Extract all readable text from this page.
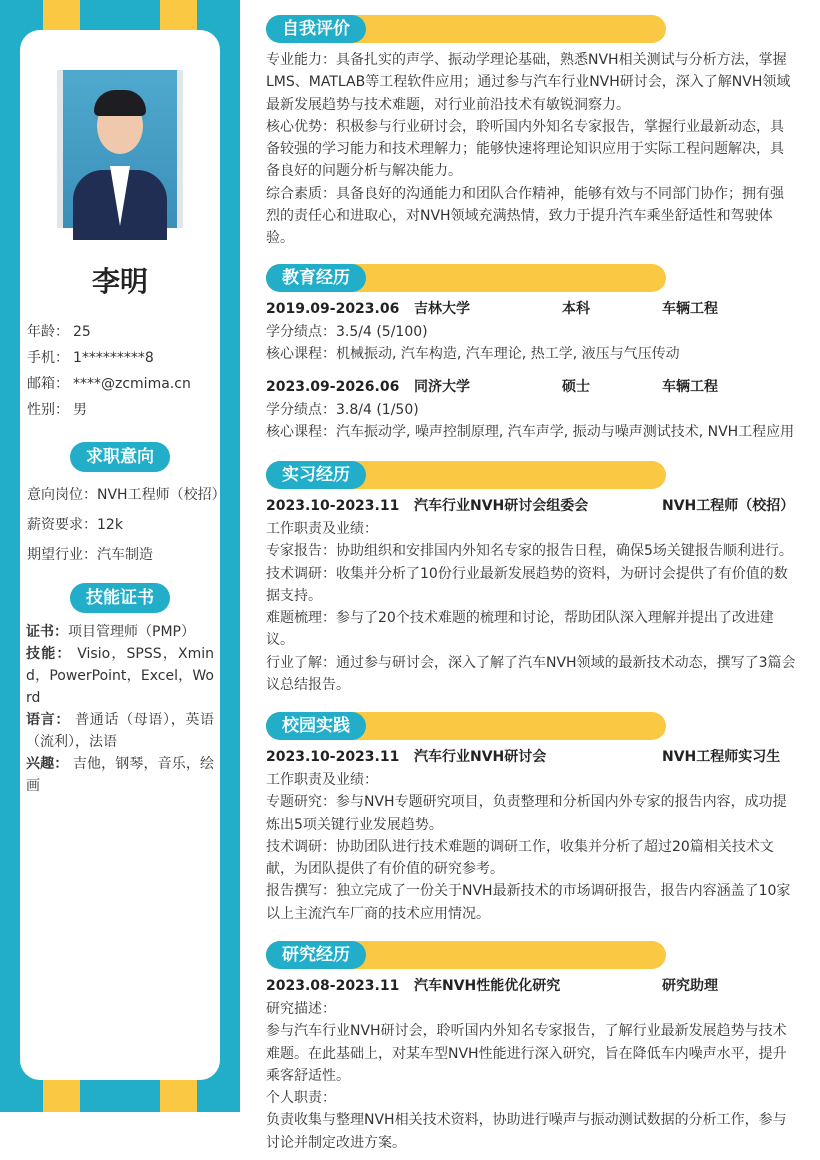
李明
年龄： 25
手机： 1*********8
邮箱： ****@zcmima.cn
性别： 男
求职意向
意向岗位：NVH工程师（校招）
薪资要求：12k
期望行业：汽车制造
技能证书

证书：项目管理师（PMP）

技能： Visio，SPSS，Xmind，PowerPoint，Excel，Word

语言： 普通话（母语），英语（流利），法语

兴趣： 吉他，钢琴，音乐，绘画

自我评价

专业能力：具备扎实的声学、振动学理论基础，熟悉NVH相关测试与分析方法，掌握LMS、MATLAB等工程软件应用；通过参与汽车行业NVH研讨会，深入了解NVH领域最新发展趋势与技术难题，对行业前沿技术有敏锐洞察力。

核心优势：积极参与行业研讨会，聆听国内外知名专家报告，掌握行业最新动态，具备较强的学习能力和技术理解力；能够快速将理论知识应用于实际工程问题解决，具备良好的问题分析与解决能力。

综合素质：具备良好的沟通能力和团队合作精神，能够有效与不同部门协作；拥有强烈的责任心和进取心，对NVH领域充满热情，致力于提升汽车乘坐舒适性和驾驶体验。

教育经历
2019.09-2023.06 吉林大学	本科	车辆工程

学分绩点：3.5/4 (5/100)

核心课程：机械振动, 汽车构造, 汽车理论, 热工学, 液压与气压传动

2023.09-2026.06 同济大学	硕士	车辆工程

学分绩点：3.8/4 (1/50)

核心课程：汽车振动学, 噪声控制原理, 汽车声学, 振动与噪声测试技术, NVH工程应用

实习经历
2023.10-2023.11 汽车行业NVH研讨会组委会	NVH工程师（校招）

工作职责及业绩：

专家报告：协助组织和安排国内外知名专家的报告日程，确保5场关键报告顺利进行。

技术调研：收集并分析了10份行业最新发展趋势的资料，为研讨会提供了有价值的数据支持。

难题梳理：参与了20个技术难题的梳理和讨论，帮助团队深入理解并提出了改进建议。

行业了解：通过参与研讨会，深入了解了汽车NVH领域的最新技术动态，撰写了3篇会议总结报告。

校园实践
2023.10-2023.11 汽车行业NVH研讨会	NVH工程师实习生

工作职责及业绩：

专题研究：参与NVH专题研究项目，负责整理和分析国内外专家的报告内容，成功提炼出5项关键行业发展趋势。

技术调研：协助团队进行技术难题的调研工作，收集并分析了超过20篇相关技术文献，为团队提供了有价值的研究参考。

报告撰写：独立完成了一份关于NVH最新技术的市场调研报告，报告内容涵盖了10家以上主流汽车厂商的技术应用情况。

研究经历
2023.08-2023.11 汽车NVH性能优化研究	研究助理

研究描述：

参与汽车行业NVH研讨会，聆听国内外知名专家报告，了解行业最新发展趋势与技术难题。在此基础上，对某车型NVH性能进行深入研究，旨在降低车内噪声水平，提升乘客舒适性。

个人职责：

负责收集与整理NVH相关技术资料，协助进行噪声与振动测试数据的分析工作，参与讨论并制定改进方案。
